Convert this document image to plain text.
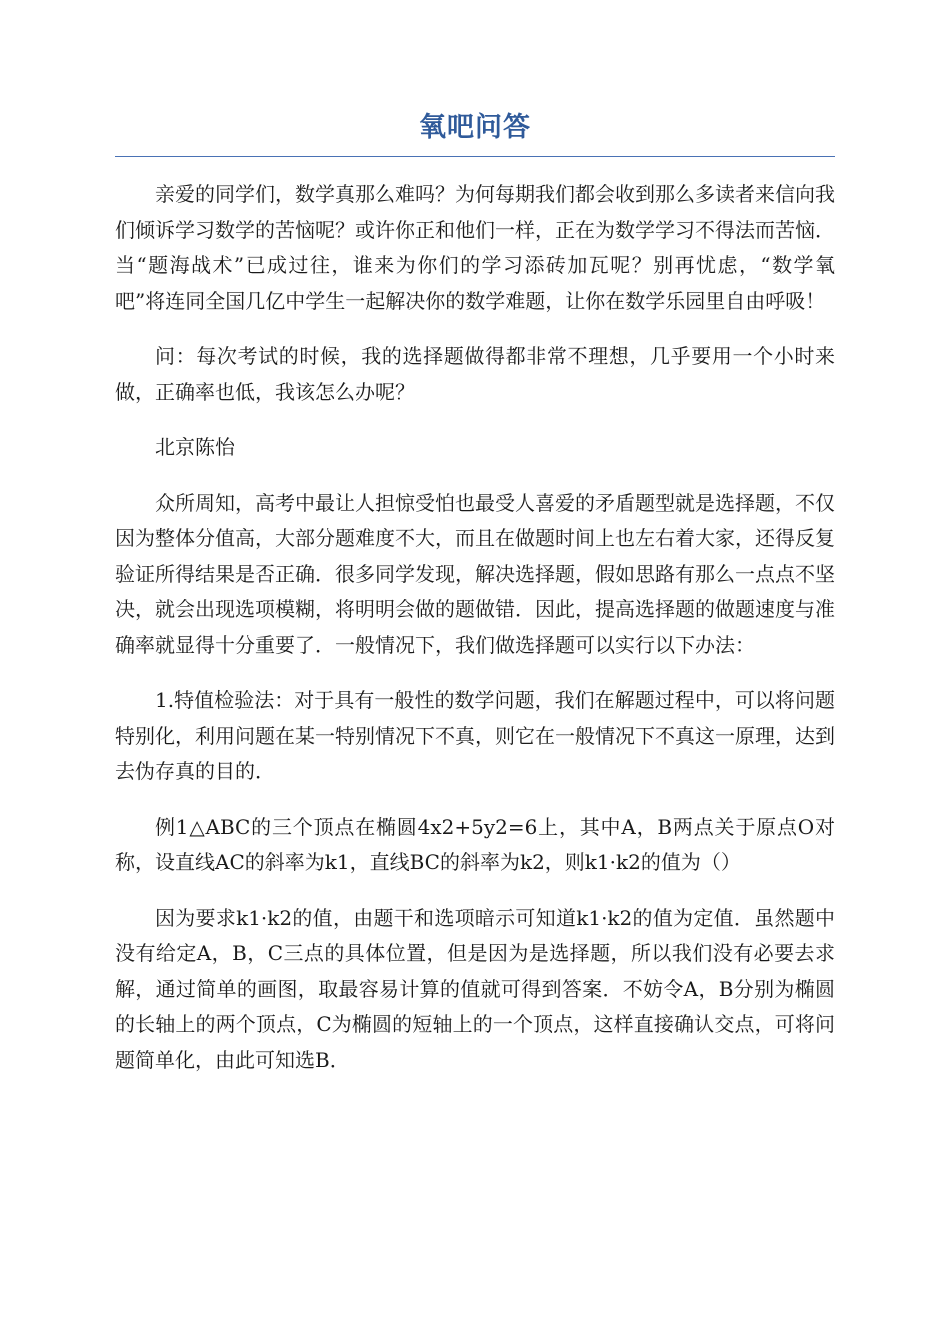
氧吧问答

亲爱的同学们，数学真那么难吗？为何每期我们都会收到那么多读者来信向我们倾诉学习数学的苦恼呢？或许你正和他们一样，正在为数学学习不得法而苦恼．当“题海战术”已成过往，谁来为你们的学习添砖加瓦呢？别再忧虑，“数学氧吧”将连同全国几亿中学生一起解决你的数学难题，让你在数学乐园里自由呼吸！

问：每次考试的时候，我的选择题做得都非常不理想，几乎要用一个小时来做，正确率也低，我该怎么办呢？

北京陈怡

众所周知，高考中最让人担惊受怕也最受人喜爱的矛盾题型就是选择题，不仅因为整体分值高，大部分题难度不大，而且在做题时间上也左右着大家，还得反复验证所得结果是否正确．很多同学发现，解决选择题，假如思路有那么一点点不坚决，就会出现选项模糊，将明明会做的题做错．因此，提高选择题的做题速度与准确率就显得十分重要了．一般情况下，我们做选择题可以实行以下办法：

1.特值检验法：对于具有一般性的数学问题，我们在解题过程中，可以将问题特别化，利用问题在某一特别情况下不真，则它在一般情况下不真这一原理，达到去伪存真的目的．

例1△ABC的三个顶点在椭圆4x2+5y2=6上，其中A，B两点关于原点O对称，设直线AC的斜率为k1，直线BC的斜率为k2，则k1·k2的值为（）

因为要求k1·k2的值，由题干和选项暗示可知道k1·k2的值为定值．虽然题中没有给定A，B，C三点的具体位置，但是因为是选择题，所以我们没有必要去求解，通过简单的画图，取最容易计算的值就可得到答案．不妨令A，B分别为椭圆的长轴上的两个顶点，C为椭圆的短轴上的一个顶点，这样直接确认交点，可将问题简单化，由此可知选B．
